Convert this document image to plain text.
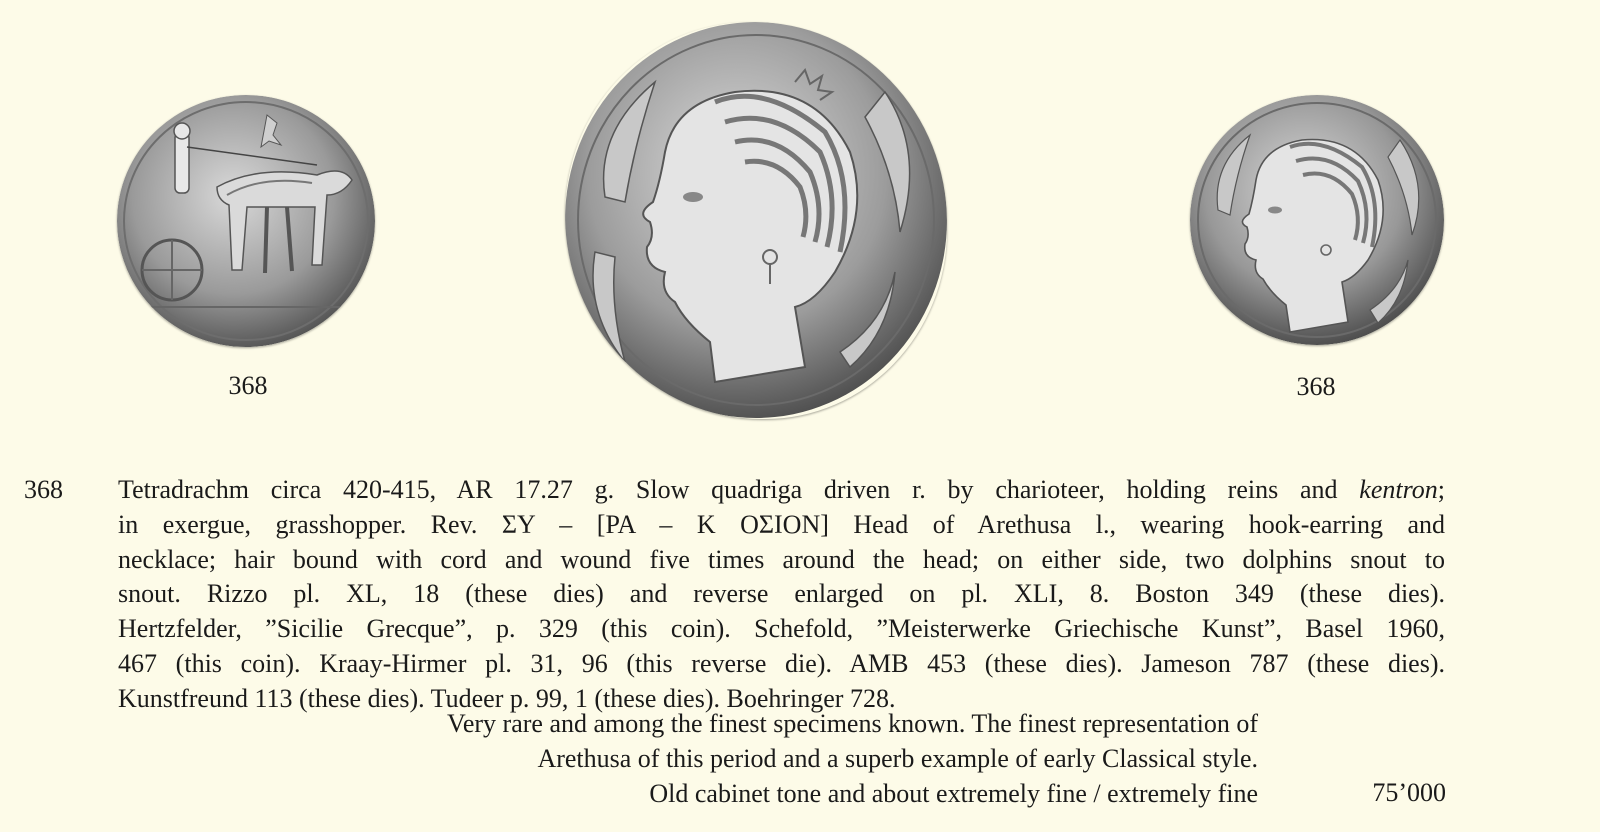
368	368
368 Tetradrachm circa 420-415, AR 17.27 g. Slow quadriga driven r. by charioteer, holding reins and kentron;
in exergue, grasshopper. Rev. ΣΥ – [PA – K ΟΣΙΟΝ] Head of Arethusa l., wearing hook-earring and
necklace; hair bound with cord and wound five times around the head; on either side, two dolphins snout to
snout. Rizzo pl. XL, 18 (these dies) and reverse enlarged on pl. XLI, 8. Boston 349 (these dies).
Hertzfelder, ”Sicilie Grecque”, p. 329 (this coin). Schefold, ”Meisterwerke Griechische Kunst”, Basel 1960,
467 (this coin). Kraay-Hirmer pl. 31, 96 (this reverse die). AMB 453 (these dies). Jameson 787 (these dies).
Kunstfreund 113 (these dies). Tudeer p. 99, 1 (these dies). Boehringer 728.
Very rare and among the finest specimens known. The finest representation of
Arethusa of this period and a superb example of early Classical style.
Old cabinet tone and about extremely fine / extremely fine	75’000
